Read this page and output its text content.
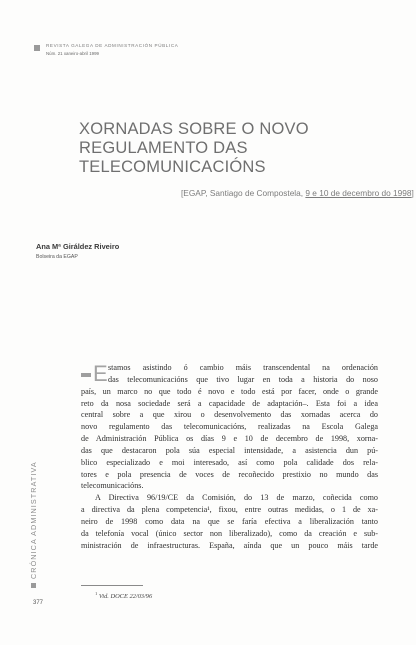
REVISTA GALEGA DE ADMINISTRACIÓN PÚBLICA
Núm. 21 xaneiro-abril 1999
XORNADAS SOBRE O NOVO
REGULAMENTO DAS
TELECOMUNICACIÓNS
[EGAP, Santiago de Compostela, 9 e 10 de decembro do 1998]
Ana Mª Giráldez Riveiro
Bolseira da EGAP
E stamos asistindo ó cambio máis transcendental na ordenación
das telecomunicacións que tivo lugar en toda a historia do noso
país, un marco no que todo é novo e todo está por facer, onde o grande
reto da nosa sociedade será a capacidade de adaptación–. Esta foi a idea
central sobre a que xirou o desenvolvemento das xornadas acerca do
novo regulamento das telecomunicacións, realizadas na Escola Galega
de Administración Pública os días 9 e 10 de decembro de 1998, xorna-
das que destacaron pola súa especial intensidade, a asistencia dun pú-
blico especializado e moi interesado, así como pola calidade dos rela-
tores e pola presencia de voces de recoñecido prestixio no mundo das
telecomunicacións.
A Directiva 96/19/CE da Comisión, do 13 de marzo, coñecida como
a directiva da plena competencia¹, fixou, entre outras medidas, o 1 de xa-
neiro de 1998 como data na que se faría efectiva a liberalización tanto
da telefonía vocal (único sector non liberalizado), como da creación e sub-
ministración de infraestructuras. España, aínda que un pouco máis tarde
$^1$ Vid. DOCE 22/03/96
CRÓNICA ADMINISTRATIVA
377
